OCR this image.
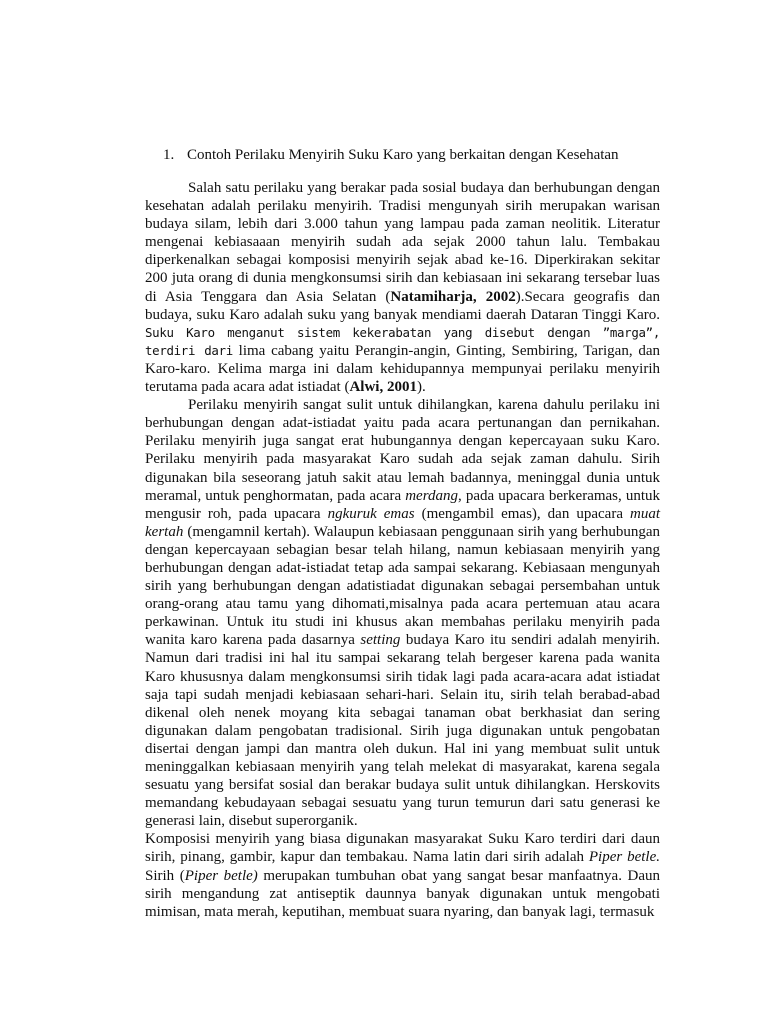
1. Contoh Perilaku Menyirih Suku Karo yang berkaitan dengan Kesehatan

Salah satu perilaku yang berakar pada sosial budaya dan berhubungan dengan kesehatan adalah perilaku menyirih. Tradisi mengunyah sirih merupakan warisan budaya silam, lebih dari 3.000 tahun yang lampau pada zaman neolitik. Literatur mengenai kebiasaaan menyirih sudah ada sejak 2000 tahun lalu. Tembakau diperkenalkan sebagai komposisi menyirih sejak abad ke-16. Diperkirakan sekitar 200 juta orang di dunia mengkonsumsi sirih dan kebiasaan ini sekarang tersebar luas di Asia Tenggara dan Asia Selatan (Natamiharja, 2002).Secara geografis dan budaya, suku Karo adalah suku yang banyak mendiami daerah Dataran Tinggi Karo. Suku Karo menganut sistem kekerabatan yang disebut dengan ”marga”, terdiri dari lima cabang yaitu Perangin-angin, Ginting, Sembiring, Tarigan, dan Karo-karo. Kelima marga ini dalam kehidupannya mempunyai perilaku menyirih terutama pada acara adat istiadat (Alwi, 2001).

Perilaku menyirih sangat sulit untuk dihilangkan, karena dahulu perilaku ini berhubungan dengan adat-istiadat yaitu pada acara pertunangan dan pernikahan. Perilaku menyirih juga sangat erat hubungannya dengan kepercayaan suku Karo. Perilaku menyirih pada masyarakat Karo sudah ada sejak zaman dahulu. Sirih digunakan bila seseorang jatuh sakit atau lemah badannya, meninggal dunia untuk meramal, untuk penghormatan, pada acara merdang, pada upacara berkeramas, untuk mengusir roh, pada upacara ngkuruk emas (mengambil emas), dan upacara muat kertah (mengamnil kertah). Walaupun kebiasaan penggunaan sirih yang berhubungan dengan kepercayaan sebagian besar telah hilang, namun kebiasaan menyirih yang berhubungan dengan adat-istiadat tetap ada sampai sekarang. Kebiasaan mengunyah sirih yang berhubungan dengan adatistiadat digunakan sebagai persembahan untuk orang-orang atau tamu yang dihomati,misalnya pada acara pertemuan atau acara perkawinan. Untuk itu studi ini khusus akan membahas perilaku menyirih pada wanita karo karena pada dasarnya setting budaya Karo itu sendiri adalah menyirih. Namun dari tradisi ini hal itu sampai sekarang telah bergeser karena pada wanita Karo khususnya dalam mengkonsumsi sirih tidak lagi pada acara-acara adat istiadat saja tapi sudah menjadi kebiasaan sehari-hari. Selain itu, sirih telah berabad-abad dikenal oleh nenek moyang kita sebagai tanaman obat berkhasiat dan sering digunakan dalam pengobatan tradisional. Sirih juga digunakan untuk pengobatan disertai dengan jampi dan mantra oleh dukun. Hal ini yang membuat sulit untuk meninggalkan kebiasaan menyirih yang telah melekat di masyarakat, karena segala sesuatu yang bersifat sosial dan berakar budaya sulit untuk dihilangkan. Herskovits memandang kebudayaan sebagai sesuatu yang turun temurun dari satu generasi ke generasi lain, disebut superorganik.

Komposisi menyirih yang biasa digunakan masyarakat Suku Karo terdiri dari daun sirih, pinang, gambir, kapur dan tembakau. Nama latin dari sirih adalah Piper betle. Sirih (Piper betle) merupakan tumbuhan obat yang sangat besar manfaatnya. Daun sirih mengandung zat antiseptik daunnya banyak digunakan untuk mengobati mimisan, mata merah, keputihan, membuat suara nyaring, dan banyak lagi, termasuk
